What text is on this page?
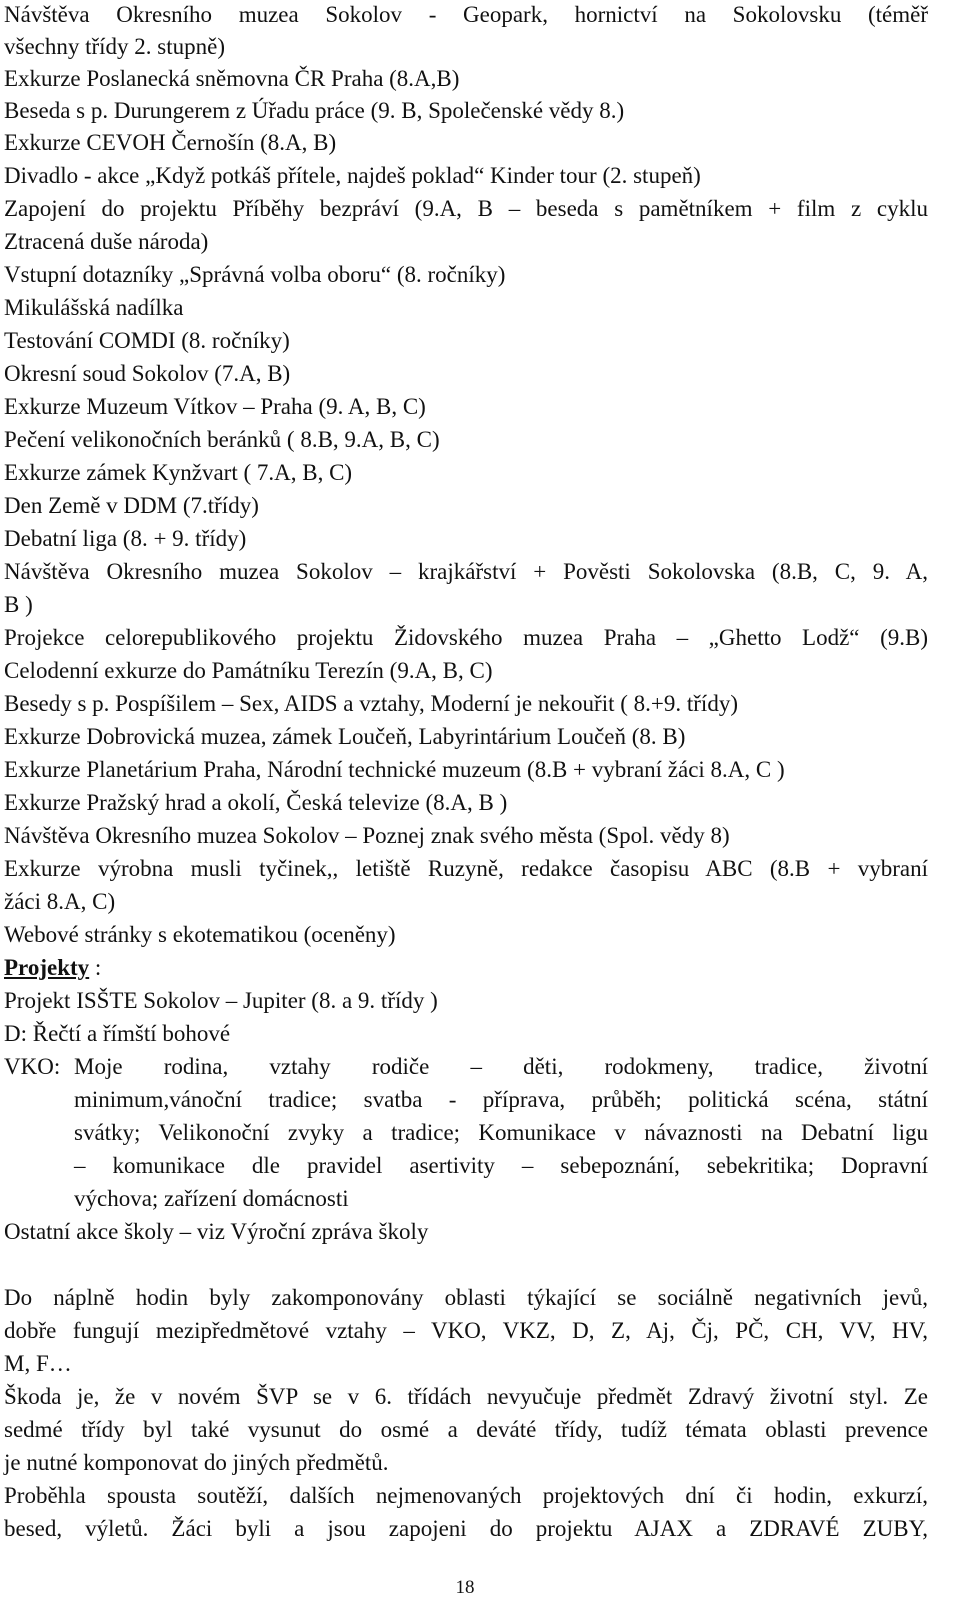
Návštěva Okresního muzea Sokolov - Geopark, hornictví na Sokolovsku (téměř
všechny třídy 2. stupně)
Exkurze Poslanecká sněmovna ČR Praha (8.A,B)
Beseda s p. Durungerem z Úřadu práce (9. B, Společenské vědy 8.)
Exkurze CEVOH Černošín (8.A, B)
Divadlo - akce „Když potkáš přítele, najdeš poklad“ Kinder tour (2. stupeň)
Zapojení do projektu Příběhy bezpráví (9.A, B – beseda s pamětníkem + film z cyklu
Ztracená duše národa)
Vstupní dotazníky „Správná volba oboru“ (8. ročníky)
Mikulášská nadílka
Testování COMDI (8. ročníky)
Okresní soud Sokolov (7.A, B)
Exkurze Muzeum Vítkov – Praha (9. A, B, C)
Pečení velikonočních beránků ( 8.B, 9.A, B, C)
Exkurze zámek Kynžvart ( 7.A, B, C)
Den Země v DDM (7.třídy)
Debatní liga (8. + 9. třídy)
Návštěva Okresního muzea Sokolov – krajkářství + Pověsti Sokolovska (8.B, C, 9. A,
B )
Projekce celorepublikového projektu Židovského muzea Praha – „Ghetto Lodž“ (9.B)
Celodenní exkurze do Památníku Terezín (9.A, B, C)
Besedy s p. Pospíšilem – Sex, AIDS a vztahy, Moderní je nekouřit ( 8.+9. třídy)
Exkurze Dobrovická muzea, zámek Loučeň, Labyrintárium Loučeň (8. B)
Exkurze Planetárium Praha, Národní technické muzeum (8.B + vybraní žáci 8.A, C )
Exkurze Pražský hrad a okolí, Česká televize (8.A, B )
Návštěva Okresního muzea Sokolov – Poznej znak svého města (Spol. vědy 8)
Exkurze výrobna musli tyčinek,, letiště Ruzyně, redakce časopisu ABC (8.B + vybraní
žáci 8.A, C)
Webové stránky s ekotematikou (oceněny)
Projekty :
Projekt ISŠTE Sokolov – Jupiter (8. a 9. třídy )
D: Řečtí a římští bohové
VKO: Moje rodina, vztahy rodiče – děti, rodokmeny, tradice, životní
minimum,vánoční tradice; svatba - příprava, průběh; politická scéna, státní
svátky; Velikonoční zvyky a tradice; Komunikace v návaznosti na Debatní ligu
– komunikace dle pravidel asertivity – sebepoznání, sebekritika; Dopravní
výchova; zařízení domácnosti
Ostatní akce školy – viz Výroční zpráva školy
Do náplně hodin byly zakomponovány oblasti týkající se sociálně negativních jevů,
dobře fungují mezipředmětové vztahy – VKO, VKZ, D, Z, Aj, Čj, PČ, CH, VV, HV,
M, F…
Škoda je, že v novém ŠVP se v 6. třídách nevyučuje předmět Zdravý životní styl. Ze
sedmé třídy byl také vysunut do osmé a deváté třídy, tudíž témata oblasti prevence
je nutné komponovat do jiných předmětů.
Proběhla spousta soutěží, dalších nejmenovaných projektových dní či hodin, exkurzí,
besed, výletů. Žáci byli a jsou zapojeni do projektu AJAX a ZDRAVÉ ZUBY,
18
